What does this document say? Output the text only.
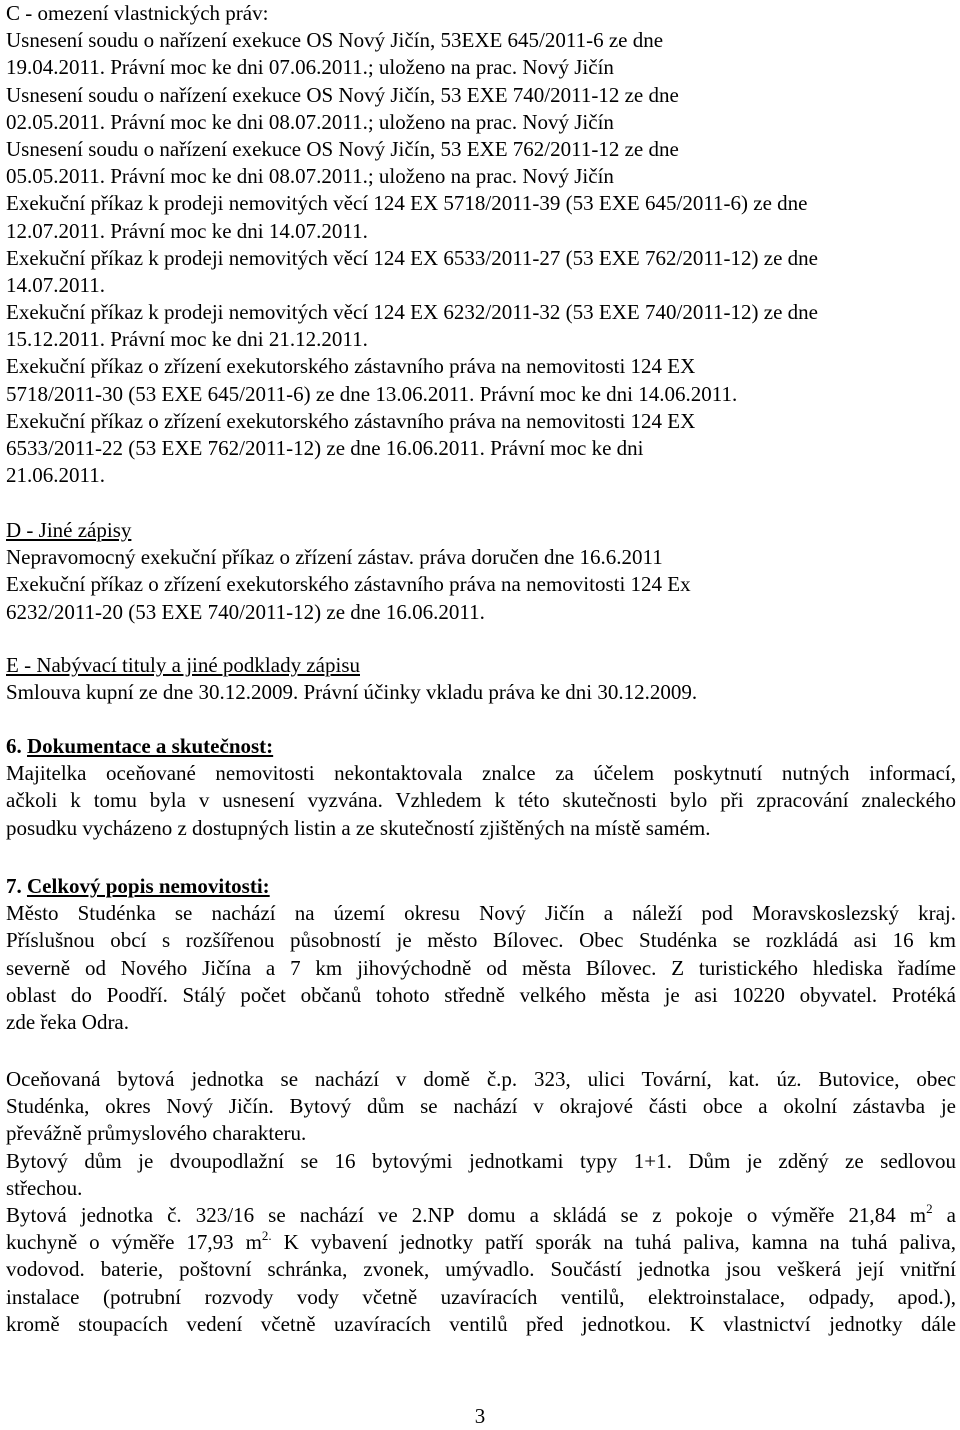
C - omezení vlastnických práv:
Usnesení soudu o nařízení exekuce OS Nový Jičín, 53EXE 645/2011-6 ze dne
19.04.2011. Právní moc ke dni 07.06.2011.; uloženo na prac. Nový Jičín
Usnesení soudu o nařízení exekuce OS Nový Jičín, 53 EXE 740/2011-12 ze dne
02.05.2011. Právní moc ke dni 08.07.2011.; uloženo na prac. Nový Jičín
Usnesení soudu o nařízení exekuce OS Nový Jičín, 53 EXE 762/2011-12 ze dne
05.05.2011. Právní moc ke dni 08.07.2011.; uloženo na prac. Nový Jičín
Exekuční příkaz k prodeji nemovitých věcí 124 EX 5718/2011-39 (53 EXE 645/2011-6) ze dne
12.07.2011. Právní moc ke dni 14.07.2011.
Exekuční příkaz k prodeji nemovitých věcí 124 EX 6533/2011-27 (53 EXE 762/2011-12) ze dne
14.07.2011.
Exekuční příkaz k prodeji nemovitých věcí 124 EX 6232/2011-32 (53 EXE 740/2011-12) ze dne
15.12.2011. Právní moc ke dni 21.12.2011.
Exekuční příkaz o zřízení exekutorského zástavního práva na nemovitosti 124 EX
5718/2011-30 (53 EXE 645/2011-6) ze dne 13.06.2011. Právní moc ke dni 14.06.2011.
Exekuční příkaz o zřízení exekutorského zástavního práva na nemovitosti 124 EX
6533/2011-22 (53 EXE 762/2011-12) ze dne 16.06.2011. Právní moc ke dni
21.06.2011.
D - Jiné zápisy
Nepravomocný exekuční příkaz o zřízení zástav. práva doručen dne 16.6.2011
Exekuční příkaz o zřízení exekutorského zástavního práva na nemovitosti 124 Ex
6232/2011-20 (53 EXE 740/2011-12) ze dne 16.06.2011.
E - Nabývací tituly a jiné podklady zápisu
Smlouva kupní ze dne 30.12.2009. Právní účinky vkladu práva ke dni 30.12.2009.
6. Dokumentace a skutečnost:
Majitelka oceňované nemovitosti nekontaktovala znalce za účelem poskytnutí nutných informací,
ačkoli k tomu byla v usnesení vyzvána. Vzhledem k této skutečnosti bylo při zpracování znaleckého
posudku vycházeno z dostupných listin a ze skutečností zjištěných na místě samém.
7. Celkový popis nemovitosti:
Město Studénka se nachází na území okresu Nový Jičín a náleží pod Moravskoslezský kraj.
Příslušnou obcí s rozšířenou působností je město Bílovec. Obec Studénka se rozkládá asi 16 km
severně od Nového Jičína a 7 km jihovýchodně od města Bílovec. Z turistického hlediska řadíme
oblast do Poodří. Stálý počet občanů tohoto středně velkého města je asi 10220 obyvatel. Protéká
zde řeka Odra.
Oceňovaná bytová jednotka se nachází v domě č.p. 323, ulici Tovární, kat. úz. Butovice, obec
Studénka, okres Nový Jičín. Bytový dům se nachází v okrajové části obce a okolní zástavba je
převážně průmyslového charakteru.
Bytový dům je dvoupodlažní se 16 bytovými jednotkami typy 1+1. Dům je zděný ze sedlovou
střechou.
Bytová jednotka č. 323/16 se nachází ve 2.NP domu a skládá se z pokoje o výměře 21,84 $m^2$ a
kuchyně o výměře 17,93 $m^{2.}$ K vybavení jednotky patří sporák na tuhá paliva, kamna na tuhá paliva,
vodovod. baterie, poštovní schránka, zvonek, umývadlo. Součástí jednotka jsou veškerá její vnitřní
instalace (potrubní rozvody vody včetně uzavíracích ventilů, elektroinstalace, odpady, apod.),
kromě stoupacích vedení včetně uzavíracích ventilů před jednotkou. K vlastnictví jednotky dále
3
